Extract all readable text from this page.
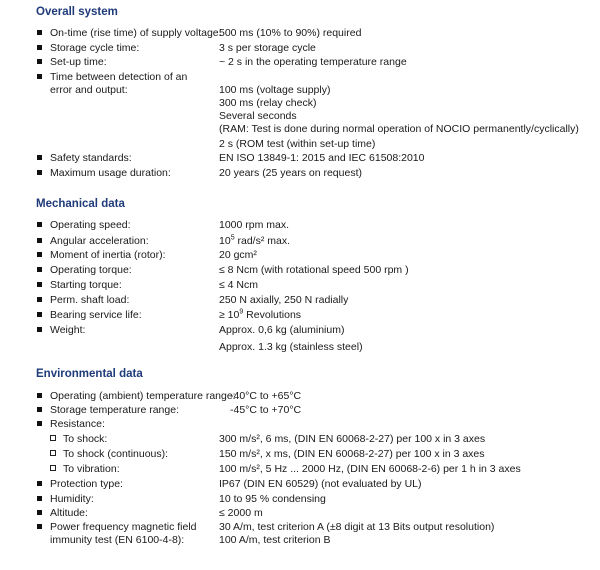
Overall system
On-time (rise time) of supply voltage:
500 ms (10% to 90%) required
Storage cycle time:	3 s per storage cycle
Set-up time:	~ 2 s in the operating temperature range
Time between detection of an
error and output:	100 ms (voltage supply)
300 ms (relay check)
Several seconds
(RAM: Test is done during normal operation of NOCIO permanently/cyclically)
2 s (ROM test (within set-up time)
Safety standards:	EN ISO 13849-1: 2015 and IEC 61508:2010
Maximum usage duration:	20 years (25 years on request)
Mechanical data
Operating speed:	1000 rpm max.
Angular acceleration:	$10^5$ rad/s² max.
Moment of inertia (rotor):	20 gcm²
Operating torque:	≤ 8 Ncm (with rotational speed 500 rpm )
Starting torque:	≤ 4 Ncm
Perm. shaft load:	250 N axially, 250 N radially
Bearing service life:	≥ $10^9$ Revolutions
Weight:	Approx. 0,6 kg (aluminium)
Approx. 1.3 kg (stainless steel)
Environmental data
Operating (ambient) temperature range:
-40°C to +65°C
Storage temperature range:	-45°C to +70°C
Resistance:
To shock:	300 m/s², 6 ms, (DIN EN 60068-2-27) per 100 x in 3 axes
To shock (continuous):	150 m/s², x ms, (DIN EN 60068-2-27) per 100 x in 3 axes
To vibration:	100 m/s², 5 Hz ... 2000 Hz, (DIN EN 60068-2-6) per 1 h in 3 axes
Protection type:	IP67 (DIN EN 60529) (not evaluated by UL)
Humidity:	10 to 95 % condensing
Altitude:	≤ 2000 m
Power frequency magnetic field
immunity test (EN 6100-4-8):
30 A/m, test criterion A (±8 digit at 13 Bits output resolution)
100 A/m, test criterion B
